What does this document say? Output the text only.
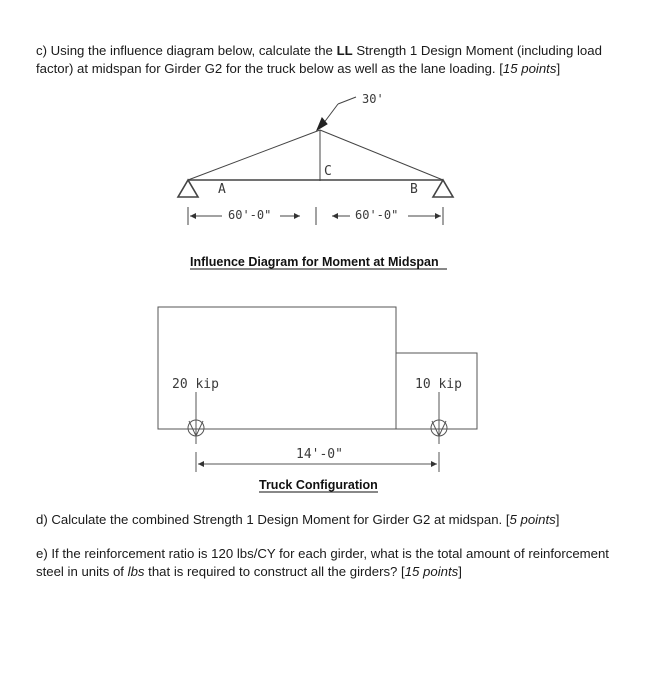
c) Using the influence diagram below, calculate the LL Strength 1 Design Moment (including load factor) at midspan for Girder G2 for the truck below as well as the lane loading. [15 points]
30'
C
A	B
60'-0"	60'-0"
Influence Diagram for Moment at Midspan
20 kip	10 kip
14'-0"
Truck Configuration
d) Calculate the combined Strength 1 Design Moment for Girder G2 at midspan. [5 points]
e) If the reinforcement ratio is 120 lbs/CY for each girder, what is the total amount of reinforcement steel in units of lbs that is required to construct all the girders? [15 points]
